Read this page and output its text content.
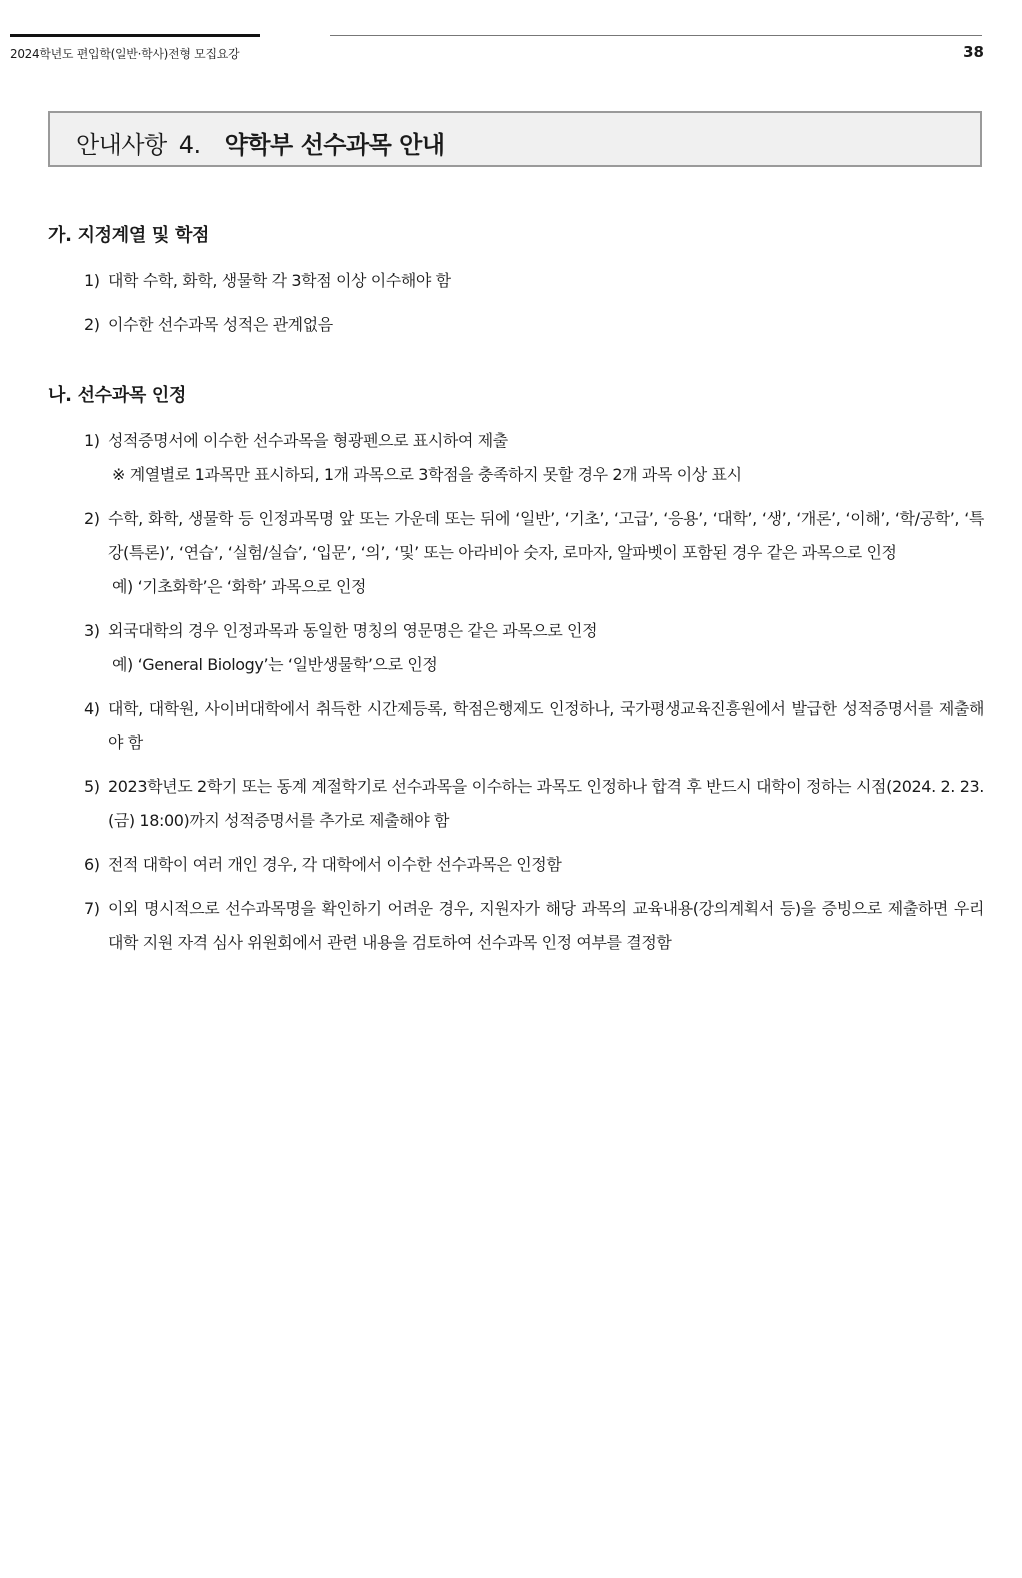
2024학년도 편입학(일반·학사)전형 모집요강	38
안내사항 4. 약학부 선수과목 안내
가. 지정계열 및 학점
1) 대학 수학, 화학, 생물학 각 3학점 이상 이수해야 함
2) 이수한 선수과목 성적은 관계없음
나. 선수과목 인정
1) 성적증명서에 이수한 선수과목을 형광펜으로 표시하여 제출
※ 계열별로 1과목만 표시하되, 1개 과목으로 3학점을 충족하지 못할 경우 2개 과목 이상 표시
2) 수학, 화학, 생물학 등 인정과목명 앞 또는 가운데 또는 뒤에 ‘일반’, ‘기초’, ‘고급’, ‘응용’, ‘대학’, ‘생’, ‘개론’, ‘이해’, ‘학/공학’, ‘특강(특론)’, ‘연습’, ‘실험/실습’, ‘입문’, ‘의’, ‘및’ 또는 아라비아 숫자, 로마자, 알파벳이 포함된 경우 같은 과목으로 인정
예) ‘기초화학’은 ‘화학’ 과목으로 인정
3) 외국대학의 경우 인정과목과 동일한 명칭의 영문명은 같은 과목으로 인정
예) ‘General Biology’는 ‘일반생물학’으로 인정
4) 대학, 대학원, 사이버대학에서 취득한 시간제등록, 학점은행제도 인정하나, 국가평생교육진흥원에서 발급한 성적증명서를 제출해야 함
5) 2023학년도 2학기 또는 동계 계절학기로 선수과목을 이수하는 과목도 인정하나 합격 후 반드시 대학이 정하는 시점(2024. 2. 23.(금) 18:00)까지 성적증명서를 추가로 제출해야 함
6) 전적 대학이 여러 개인 경우, 각 대학에서 이수한 선수과목은 인정함
7) 이외 명시적으로 선수과목명을 확인하기 어려운 경우, 지원자가 해당 과목의 교육내용(강의계획서 등)을 증빙으로 제출하면 우리 대학 지원 자격 심사 위원회에서 관련 내용을 검토하여 선수과목 인정 여부를 결정함
